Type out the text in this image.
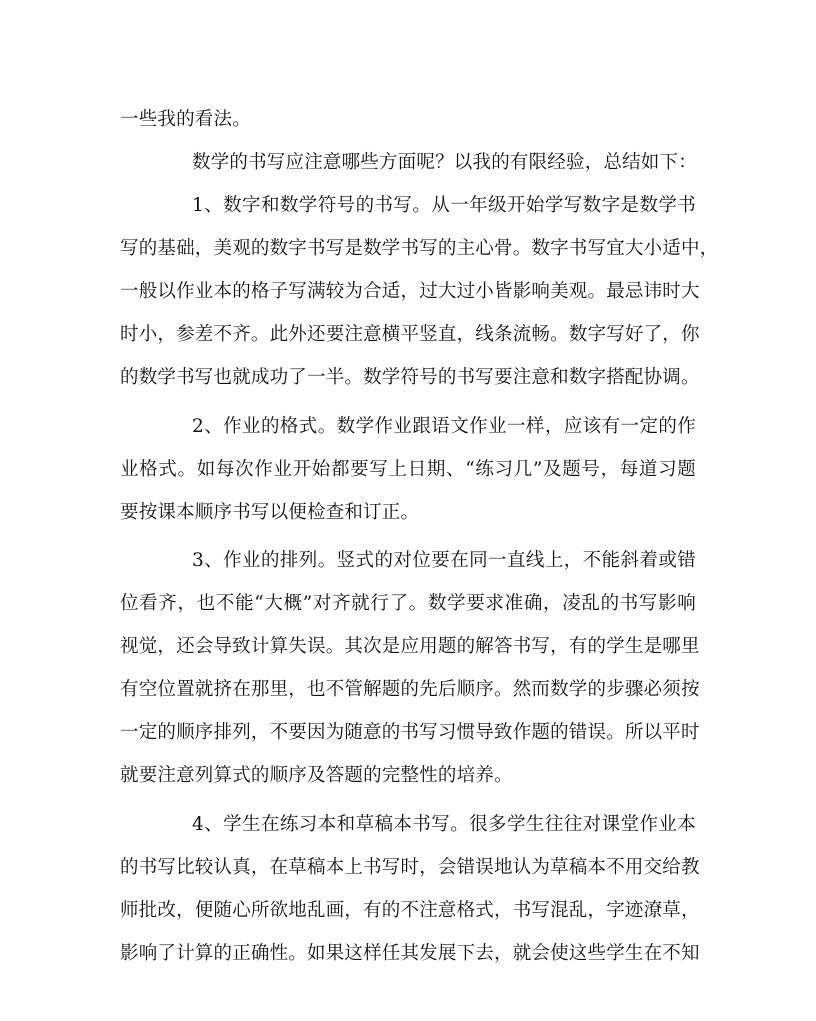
一些我的看法。
数学的书写应注意哪些方面呢？以我的有限经验，总结如下：
1、数字和数学符号的书写。从一年级开始学写数字是数学书
写的基础，美观的数字书写是数学书写的主心骨。数字书写宜大小适中，
一般以作业本的格子写满较为合适，过大过小皆影响美观。最忌讳时大
时小，参差不齐。此外还要注意横平竖直，线条流畅。数字写好了，你
的数学书写也就成功了一半。数学符号的书写要注意和数字搭配协调。
2、作业的格式。数学作业跟语文作业一样，应该有一定的作
业格式。如每次作业开始都要写上日期、“练习几”及题号，每道习题
要按课本顺序书写以便检查和订正。
3、作业的排列。竖式的对位要在同一直线上，不能斜着或错
位看齐，也不能“大概”对齐就行了。数学要求准确，凌乱的书写影响
视觉，还会导致计算失误。其次是应用题的解答书写，有的学生是哪里
有空位置就挤在那里，也不管解题的先后顺序。然而数学的步骤必须按
一定的顺序排列，不要因为随意的书写习惯导致作题的错误。所以平时
就要注意列算式的顺序及答题的完整性的培养。
4、学生在练习本和草稿本书写。很多学生往往对课堂作业本
的书写比较认真，在草稿本上书写时，会错误地认为草稿本不用交给教
师批改，便随心所欲地乱画，有的不注意格式，书写混乱，字迹潦草，
影响了计算的正确性。如果这样任其发展下去，就会使这些学生在不知
